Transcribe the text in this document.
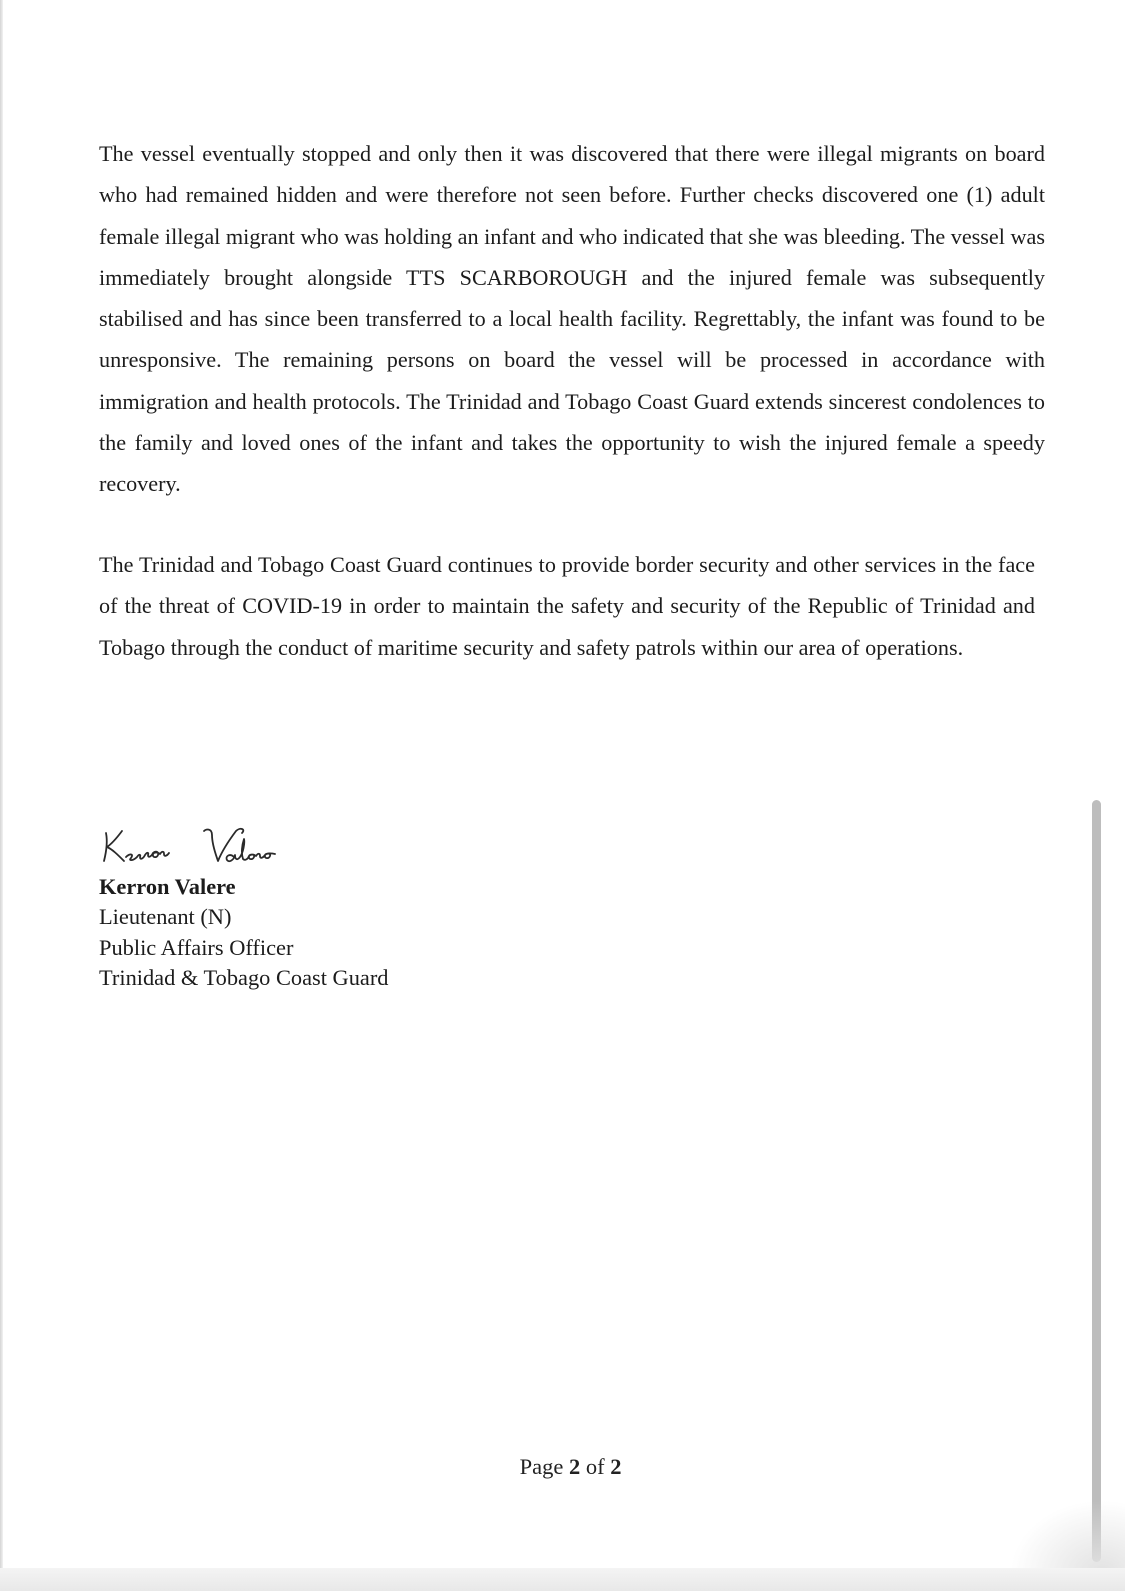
The vessel eventually stopped and only then it was discovered that there were illegal migrants on board who had remained hidden and were therefore not seen before. Further checks discovered one (1) adult female illegal migrant who was holding an infant and who indicated that she was bleeding. The vessel was immediately brought alongside TTS SCARBOROUGH and the injured female was subsequently stabilised and has since been transferred to a local health facility. Regrettably, the infant was found to be unresponsive. The remaining persons on board the vessel will be processed in accordance with immigration and health protocols. The Trinidad and Tobago Coast Guard extends sincerest condolences to the family and loved ones of the infant and takes the opportunity to wish the injured female a speedy recovery.

The Trinidad and Tobago Coast Guard continues to provide border security and other services in the face of the threat of COVID-19 in order to maintain the safety and security of the Republic of Trinidad and Tobago through the conduct of maritime security and safety patrols within our area of operations.

Kerron Valere
Lieutenant (N)
Public Affairs Officer
Trinidad & Tobago Coast Guard
Page 2 of 2
